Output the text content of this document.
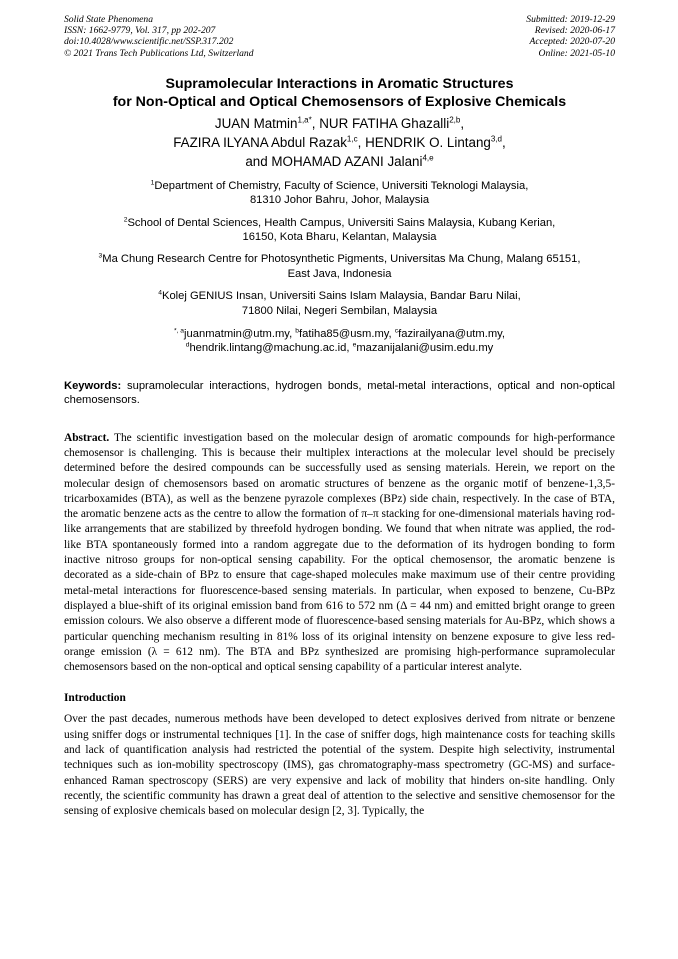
Solid State Phenomena
ISSN: 1662-9779, Vol. 317, pp 202-207
doi:10.4028/www.scientific.net/SSP.317.202
© 2021 Trans Tech Publications Ltd, Switzerland
Submitted: 2019-12-29
Revised: 2020-06-17
Accepted: 2020-07-20
Online: 2021-05-10
Supramolecular Interactions in Aromatic Structures
for Non-Optical and Optical Chemosensors of Explosive Chemicals
JUAN Matmin$^{1,a*}$, NUR FATIHA Ghazalli$^{2,b}$,
FAZIRA ILYANA Abdul Razak$^{1,c}$, HENDRIK O. Lintang$^{3,d}$,
and MOHAMAD AZANI Jalani$^{4,e}$
$^1$Department of Chemistry, Faculty of Science, Universiti Teknologi Malaysia,
81310 Johor Bahru, Johor, Malaysia
$^2$School of Dental Sciences, Health Campus, Universiti Sains Malaysia, Kubang Kerian,
16150, Kota Bharu, Kelantan, Malaysia
$^3$Ma Chung Research Centre for Photosynthetic Pigments, Universitas Ma Chung, Malang 65151,
East Java, Indonesia
$^4$Kolej GENIUS Insan, Universiti Sains Islam Malaysia, Bandar Baru Nilai,
71800 Nilai, Negeri Sembilan, Malaysia
$^{*, a}$juanmatmin@utm.my, $^b$fatiha85@usm.my, $^c$fazirailyana@utm.my,
$^d$hendrik.lintang@machung.ac.id, $^e$mazanijalani@usim.edu.my
Keywords: supramolecular interactions, hydrogen bonds, metal-metal interactions, optical and non-optical chemosensors.
Abstract. The scientific investigation based on the molecular design of aromatic compounds for high-performance chemosensor is challenging. This is because their multiplex interactions at the molecular level should be precisely determined before the desired compounds can be successfully used as sensing materials. Herein, we report on the molecular design of chemosensors based on aromatic structures of benzene as the organic motif of benzene-1,3,5-tricarboxamides (BTA), as well as the benzene pyrazole complexes (BPz) side chain, respectively. In the case of BTA, the aromatic benzene acts as the centre to allow the formation of π–π stacking for one-dimensional materials having rod-like arrangements that are stabilized by threefold hydrogen bonding. We found that when nitrate was applied, the rod-like BTA spontaneously formed into a random aggregate due to the deformation of its hydrogen bonding to form inactive nitroso groups for non-optical sensing capability. For the optical chemosensor, the aromatic benzene is decorated as a side-chain of BPz to ensure that cage-shaped molecules make maximum use of their centre providing metal-metal interactions for fluorescence-based sensing materials. In particular, when exposed to benzene, Cu-BPz displayed a blue-shift of its original emission band from 616 to 572 nm (Δ = 44 nm) and emitted bright orange to green emission colours. We also observe a different mode of fluorescence-based sensing materials for Au-BPz, which shows a particular quenching mechanism resulting in 81% loss of its original intensity on benzene exposure to give less red-orange emission (λ = 612 nm). The BTA and BPz synthesized are promising high-performance supramolecular chemosensors based on the non-optical and optical sensing capability of a particular interest analyte.
Introduction
Over the past decades, numerous methods have been developed to detect explosives derived from nitrate or benzene using sniffer dogs or instrumental techniques [1]. In the case of sniffer dogs, high maintenance costs for teaching skills and lack of quantification analysis had restricted the potential of the system. Despite high selectivity, instrumental techniques such as ion-mobility spectroscopy (IMS), gas chromatography-mass spectrometry (GC-MS) and surface-enhanced Raman spectroscopy (SERS) are very expensive and lack of mobility that hinders on-site handling. Only recently, the scientific community has drawn a great deal of attention to the selective and sensitive chemosensor for the sensing of explosive chemicals based on molecular design [2, 3]. Typically, the
